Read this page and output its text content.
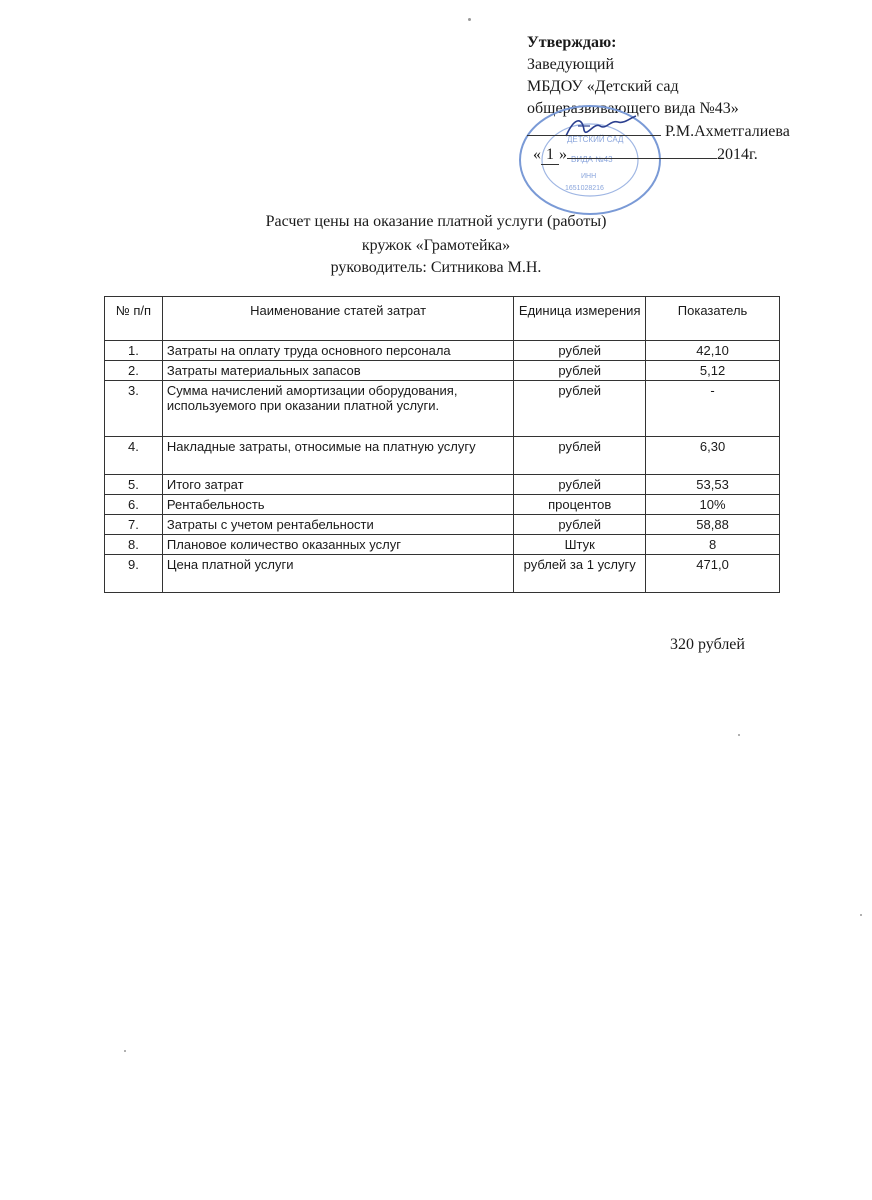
Утверждаю:
Заведующий
МБДОУ «Детский сад
общеразвивающего вида №43»
ДЕТСКИЙ САД
ВИДА №43
ИНН
1651028216
Р.М.Ахметгалиева
« 1 »	2014г.
Расчет цены на оказание платной услуги (работы)
кружок «Грамотейка»
руководитель: Ситникова М.Н.
№ п/п	Наименование статей затрат	Единица измерения	Показатель
1.	Затраты на оплату труда основного персонала	рублей	42,10
2.	Затраты материальных запасов	рублей	5,12
3.	Сумма начислений амортизации оборудования, используемого при оказании платной услуги.	рублей	-
4.	Накладные затраты, относимые на платную услугу	рублей	6,30
5.	Итого затрат	рублей	53,53
6.	Рентабельность	процентов	10%
7.	Затраты с учетом рентабельности	рублей	58,88
8.	Плановое количество оказанных услуг	Штук	8
9.	Цена платной услуги	рублей за 1 услугу	471,0
320 рублей
